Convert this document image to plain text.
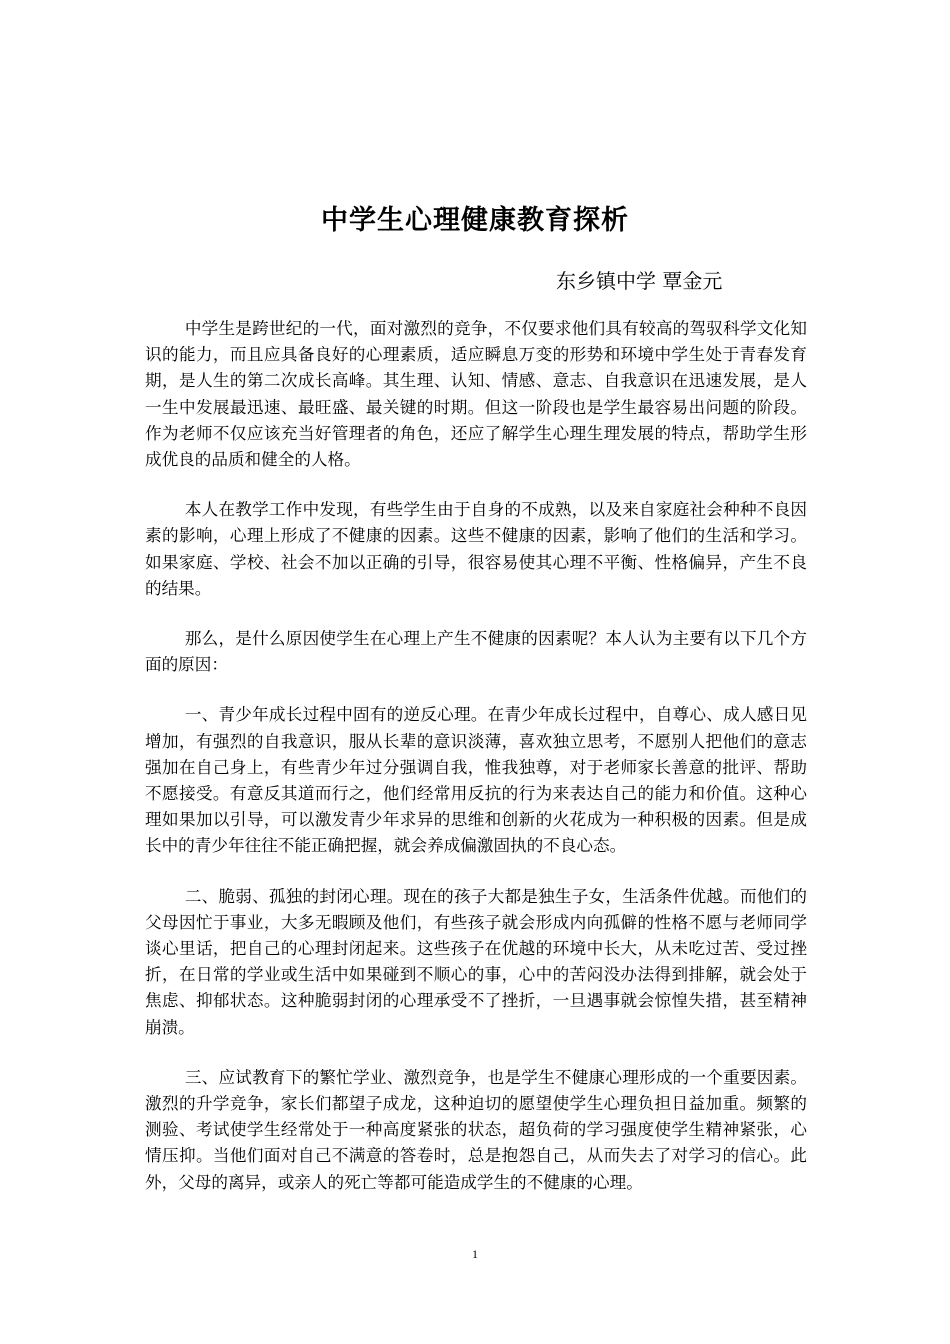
中学生心理健康教育探析

东乡镇中学 覃金元

中学生是跨世纪的一代，面对激烈的竞争，不仅要求他们具有较高的驾驭科学文化知识的能力，而且应具备良好的心理素质，适应瞬息万变的形势和环境中学生处于青春发育期，是人生的第二次成长高峰。其生理、认知、情感、意志、自我意识在迅速发展，是人一生中发展最迅速、最旺盛、最关键的时期。但这一阶段也是学生最容易出问题的阶段。作为老师不仅应该充当好管理者的角色，还应了解学生心理生理发展的特点，帮助学生形成优良的品质和健全的人格。

本人在教学工作中发现，有些学生由于自身的不成熟，以及来自家庭社会种种不良因素的影响，心理上形成了不健康的因素。这些不健康的因素，影响了他们的生活和学习。如果家庭、学校、社会不加以正确的引导，很容易使其心理不平衡、性格偏异，产生不良的结果。

那么，是什么原因使学生在心理上产生不健康的因素呢？本人认为主要有以下几个方面的原因：

一、青少年成长过程中固有的逆反心理。在青少年成长过程中，自尊心、成人感日见增加，有强烈的自我意识，服从长辈的意识淡薄，喜欢独立思考，不愿别人把他们的意志强加在自己身上，有些青少年过分强调自我，惟我独尊，对于老师家长善意的批评、帮助不愿接受。有意反其道而行之，他们经常用反抗的行为来表达自己的能力和价值。这种心理如果加以引导，可以激发青少年求异的思维和创新的火花成为一种积极的因素。但是成长中的青少年往往不能正确把握，就会养成偏激固执的不良心态。

二、脆弱、孤独的封闭心理。现在的孩子大都是独生子女，生活条件优越。而他们的父母因忙于事业，大多无暇顾及他们，有些孩子就会形成内向孤僻的性格不愿与老师同学谈心里话，把自己的心理封闭起来。这些孩子在优越的环境中长大，从未吃过苦、受过挫折，在日常的学业或生活中如果碰到不顺心的事，心中的苦闷没办法得到排解，就会处于焦虑、抑郁状态。这种脆弱封闭的心理承受不了挫折，一旦遇事就会惊惶失措，甚至精神崩溃。

三、应试教育下的繁忙学业、激烈竞争，也是学生不健康心理形成的一个重要因素。激烈的升学竞争，家长们都望子成龙，这种迫切的愿望使学生心理负担日益加重。频繁的测验、考试使学生经常处于一种高度紧张的状态，超负荷的学习强度使学生精神紧张，心情压抑。当他们面对自己不满意的答卷时，总是抱怨自己，从而失去了对学习的信心。此外，父母的离异，或亲人的死亡等都可能造成学生的不健康的心理。

1
